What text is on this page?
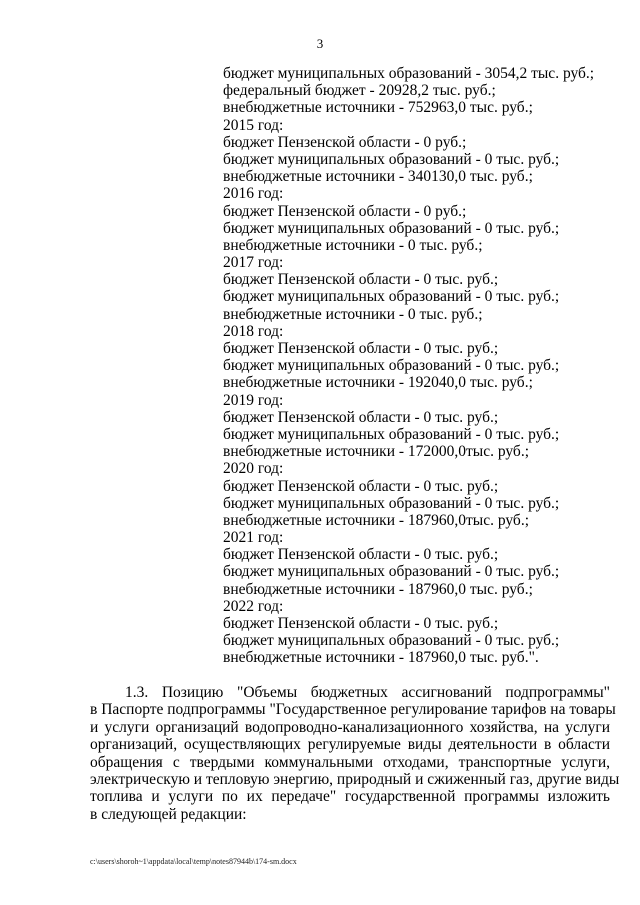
3
бюджет муниципальных образований - 3054,2 тыс. руб.;
федеральный бюджет - 20928,2 тыс. руб.;
внебюджетные источники - 752963,0 тыс. руб.;
2015 год:
бюджет Пензенской области - 0 руб.;
бюджет муниципальных образований - 0 тыс. руб.;
внебюджетные источники - 340130,0 тыс. руб.;
2016 год:
бюджет Пензенской области - 0 руб.;
бюджет муниципальных образований - 0 тыс. руб.;
внебюджетные источники - 0 тыс. руб.;
2017 год:
бюджет Пензенской области - 0 тыс. руб.;
бюджет муниципальных образований - 0 тыс. руб.;
внебюджетные источники - 0 тыс. руб.;
2018 год:
бюджет Пензенской области - 0 тыс. руб.;
бюджет муниципальных образований - 0 тыс. руб.;
внебюджетные источники - 192040,0 тыс. руб.;
2019 год:
бюджет Пензенской области - 0 тыс. руб.;
бюджет муниципальных образований - 0 тыс. руб.;
внебюджетные источники - 172000,0тыс. руб.;
2020 год:
бюджет Пензенской области - 0 тыс. руб.;
бюджет муниципальных образований - 0 тыс. руб.;
внебюджетные источники - 187960,0тыс. руб.;
2021 год:
бюджет Пензенской области - 0 тыс. руб.;
бюджет муниципальных образований - 0 тыс. руб.;
внебюджетные источники - 187960,0 тыс. руб.;
2022 год:
бюджет Пензенской области - 0 тыс. руб.;
бюджет муниципальных образований - 0 тыс. руб.;
внебюджетные источники - 187960,0 тыс. руб.".
1.3. Позицию "Объемы бюджетных ассигнований подпрограммы"
в Паспорте подпрограммы "Государственное регулирование тарифов на товары
и услуги организаций водопроводно-канализационного хозяйства, на услуги
организаций, осуществляющих регулируемые виды деятельности в области
обращения с твердыми коммунальными отходами, транспортные услуги,
электрическую и тепловую энергию, природный и сжиженный газ, другие виды
топлива и услуги по их передаче" государственной программы изложить
в следующей редакции:
c:\users\shoroh~1\appdata\local\temp\notes87944b\174-sm.docx
